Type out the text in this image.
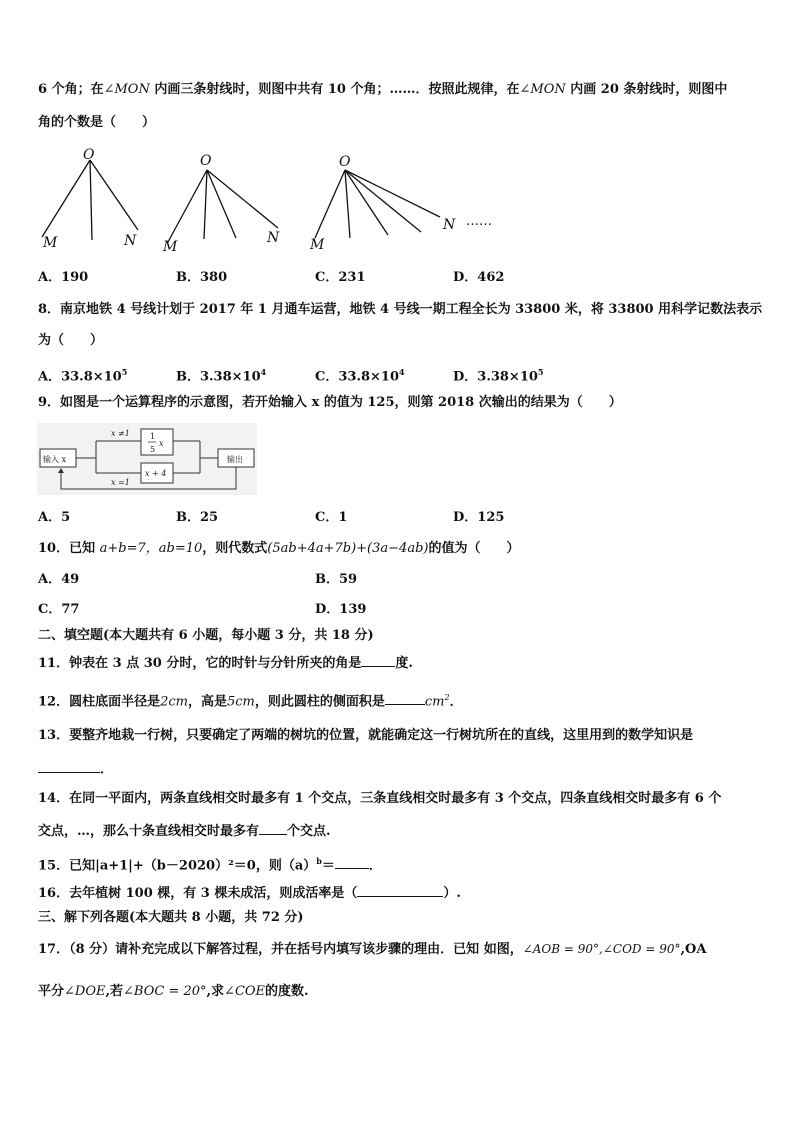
6 个角；在∠MON 内画三条射线时，则图中共有 10 个角；……．按照此规律，在∠MON 内画 20 条射线时，则图中
角的个数是（　　）
O
M	N
O
M
N
O
M
N ……
A．190	B．380	C．231	D．462
8．南京地铁 4 号线计划于 2017 年 1 月通车运营，地铁 4 号线一期工程全长为 33800 米，将 33800 用科学记数法表示
为（　　）
A．$33.8\times 10^5$	B．$3.38\times 10^4$	C．$33.8\times 10^4$	D．$3.38\times 10^5$
9．如图是一个运算程序的示意图，若开始输入 x 的值为 125，则第 2018 次输出的结果为（　　）
输入 x	输出
x ≠1
x =1
1
5
x
x + 4
A．5	B．25	C．1	D．125
10．已知 a+b=7，ab=10，则代数式(5ab+4a+7b)+(3a−4ab)的值为（　　）
A．49	B．59
C．77	D．139
二、填空题(本大题共有 6 小题，每小题 3 分，共 18 分)
11．钟表在 3 点 30 分时，它的时针与分针所夹的角是	度.
12．圆柱底面半径是2cm，高是5cm，则此圆柱的侧面积是	$cm^2$．
13．要整齐地栽一行树，只要确定了两端的树坑的位置，就能确定这一行树坑所在的直线，这里用到的数学知识是
．
14．在同一平面内，两条直线相交时最多有 1 个交点，三条直线相交时最多有 3 个交点，四条直线相交时最多有 6 个
交点，…，那么十条直线相交时最多有 个交点.
15．已知|a+1|+（b－2020）²＝0，则$(a)^b=$	．
16．去年植树 100 棵，有 3 棵未成活，则成活率是（	）.
三、解下列各题(本大题共 8 小题，共 72 分)
17．（8 分）请补充完成以下解答过程，并在括号内填写该步骤的理由．已知 如图，∠AOB = 90°,∠COD = 90°,OA
平分∠DOE,若∠BOC = 20°,求∠COE的度数.
